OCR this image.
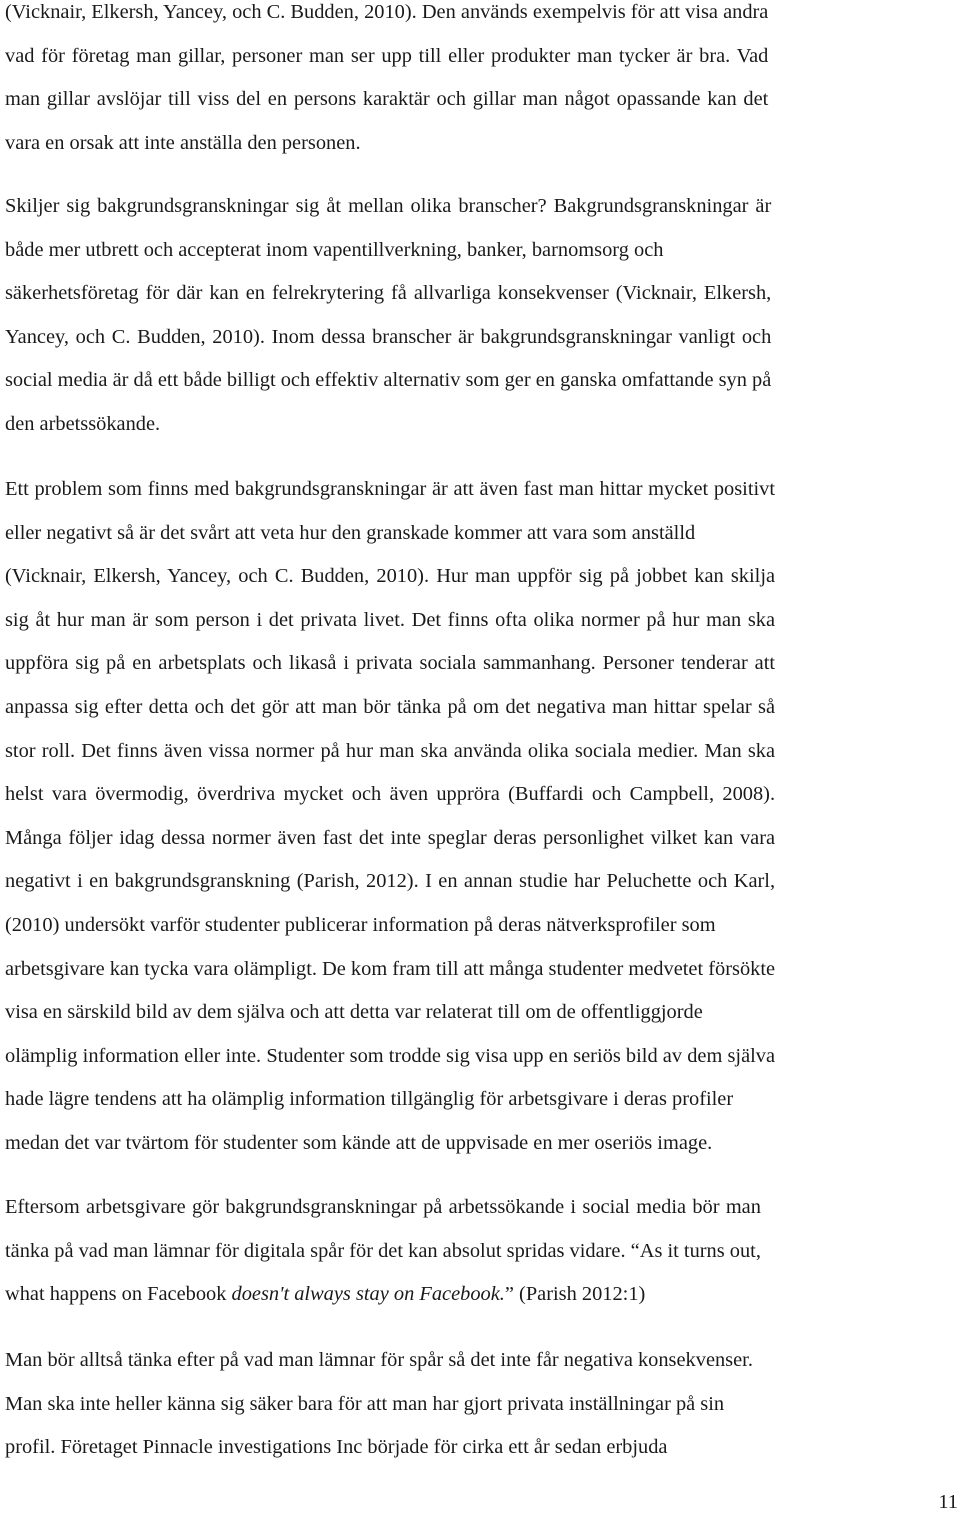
(Vicknair, Elkersh, Yancey, och C. Budden, 2010). Den används exempelvis för att visa andra
vad för företag man gillar, personer man ser upp till eller produkter man tycker är bra. Vad
man gillar avslöjar till viss del en persons karaktär och gillar man något opassande kan det
vara en orsak att inte anställa den personen.

Skiljer sig bakgrundsgranskningar sig åt mellan olika branscher? Bakgrundsgranskningar är
både mer utbrett och accepterat inom vapentillverkning, banker, barnomsorg och
säkerhetsföretag för där kan en felrekrytering få allvarliga konsekvenser (Vicknair, Elkersh,
Yancey, och C. Budden, 2010). Inom dessa branscher är bakgrundsgranskningar vanligt och
social media är då ett både billigt och effektiv alternativ som ger en ganska omfattande syn på
den arbetssökande.

Ett problem som finns med bakgrundsgranskningar är att även fast man hittar mycket positivt
eller negativt så är det svårt att veta hur den granskade kommer att vara som anställd
(Vicknair, Elkersh, Yancey, och C. Budden, 2010). Hur man uppför sig på jobbet kan skilja
sig åt hur man är som person i det privata livet. Det finns ofta olika normer på hur man ska
uppföra sig på en arbetsplats och likaså i privata sociala sammanhang. Personer tenderar att
anpassa sig efter detta och det gör att man bör tänka på om det negativa man hittar spelar så
stor roll. Det finns även vissa normer på hur man ska använda olika sociala medier. Man ska
helst vara övermodig, överdriva mycket och även uppröra (Buffardi och Campbell, 2008).
Många följer idag dessa normer även fast det inte speglar deras personlighet vilket kan vara
negativt i en bakgrundsgranskning (Parish, 2012). I en annan studie har Peluchette och Karl,
(2010) undersökt varför studenter publicerar information på deras nätverksprofiler som
arbetsgivare kan tycka vara olämpligt. De kom fram till att många studenter medvetet försökte
visa en särskild bild av dem själva och att detta var relaterat till om de offentliggjorde
olämplig information eller inte. Studenter som trodde sig visa upp en seriös bild av dem själva
hade lägre tendens att ha olämplig information tillgänglig för arbetsgivare i deras profiler
medan det var tvärtom för studenter som kände att de uppvisade en mer oseriös image.

Eftersom arbetsgivare gör bakgrundsgranskningar på arbetssökande i social media bör man
tänka på vad man lämnar för digitala spår för det kan absolut spridas vidare. “As it turns out,
what happens on Facebook doesn't always stay on Facebook.” (Parish 2012:1)

Man bör alltså tänka efter på vad man lämnar för spår så det inte får negativa konsekvenser.
Man ska inte heller känna sig säker bara för att man har gjort privata inställningar på sin
profil. Företaget Pinnacle investigations Inc började för cirka ett år sedan erbjuda

11
